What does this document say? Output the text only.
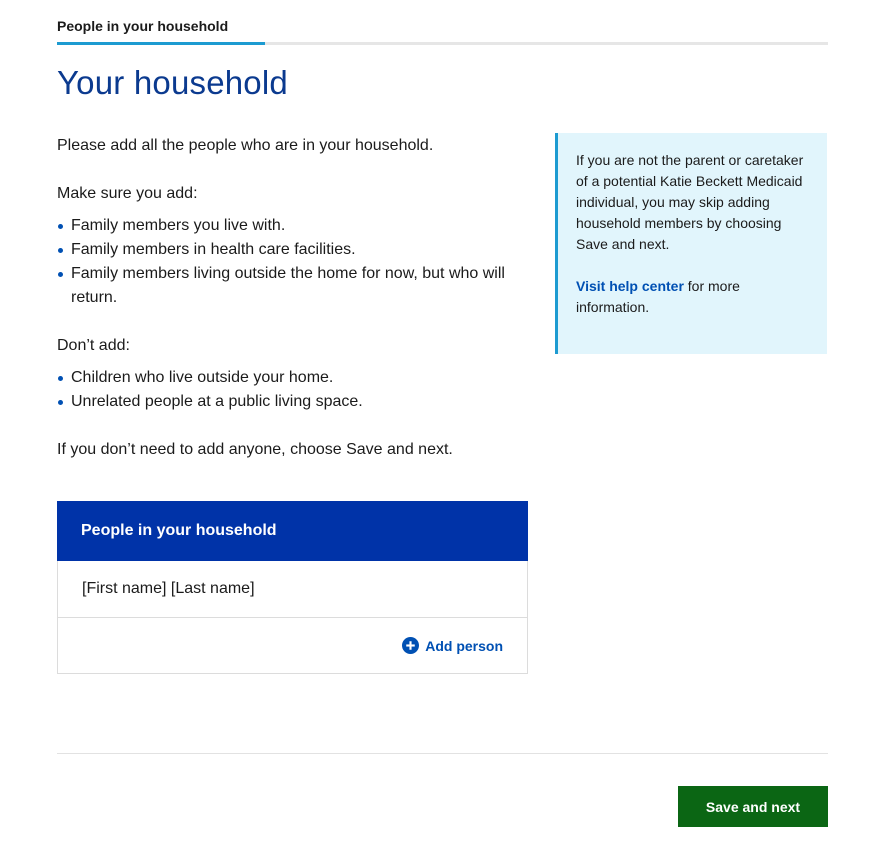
People in your household
Your household

Please add all the people who are in your household.

Make sure you add:

Family members you live with.
Family members in health care facilities.
Family members living outside the home for now, but who will return.

Don’t add:

Children who live outside your home.
Unrelated people at a public living space.

If you don’t need to add anyone, choose Save and next.

If you are not the parent or caretaker of a potential Katie Beckett Medicaid individual, you may skip adding household members by choosing Save and next.

Visit help center for more information.

People in your household
[First name] [Last name]
Add person
Save and next
